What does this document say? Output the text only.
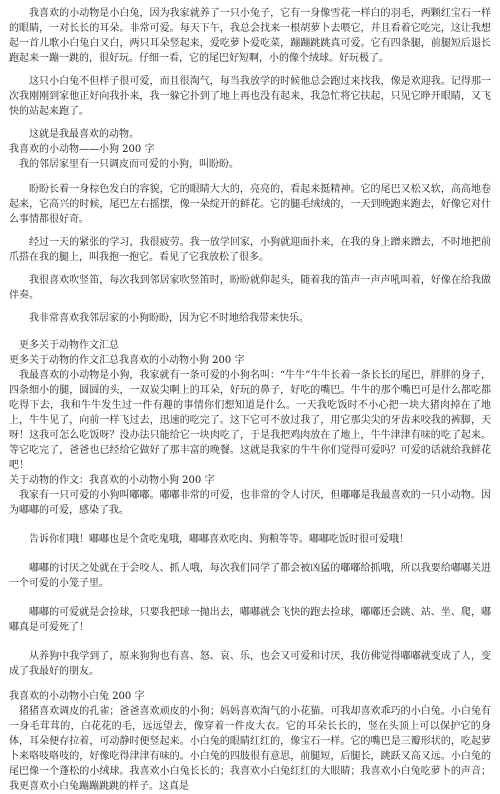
我喜欢的小动物是小白兔，因为我家就养了一只小兔子，它有一身像雪花一样白的羽毛，两颗红宝石一样的眼睛，一对长长的耳朵。非常可爱。每天下午，我总会找来一根胡萝卜去喂它，并且看着它吃完，这让我想起一首儿歌小白兔白又白，两只耳朵竖起来，爱吃萝卜爱吃菜，蹦蹦跳跳真可爱。它有四条腿，前腿短后退长跑起来一蹦一跳的，很好玩。仔细一看，它的尾巴好短啊，小的像个绒球。好玩极了。

这只小白兔不但样子很可爱，而且很淘气，每当我放学的时候他总会跑过来找我，像是欢迎我。记得那一次我刚刚到家他正好向我扑来，我一躲它扑到了地上再也没有起来，我急忙将它扶起，只见它睁开眼睛，又飞快的站起来跑了。

这就是我最喜欢的动物。

我喜欢的小动物——小狗 200 字

我的邻居家里有一只调皮而可爱的小狗，叫盼盼。

盼盼长着一身棕色发白的容貌，它的眼睛大大的，亮亮的，看起来挺精神。它的尾巴又松又软，高高地卷起来，它高兴的时候，尾巴左右摇摆，像一朵绽开的鲜花。它的腿毛绒绒的，一天到晚跑来跑去，好像它对什么事情都很好奇。

经过一天的紧张的学习，我很疲劳。我一放学回家，小狗就迎面扑来，在我的身上蹭来蹭去，不时地把前爪搭在我的腿上，叫我抱一抱它。看见了它我放松了很多。

我很喜欢吹竖笛，每次我到邻居家吹竖笛时，盼盼就仰起头，随着我的笛声一声声吼叫着，好像在给我做伴奏。

我非常喜欢我邻居家的小狗盼盼，因为它不时地给我带来快乐。

更多关于动物作文汇总

更多关于动物的作文汇总我喜欢的小动物小狗 200 字

我最喜欢的小动物是小狗，我家就有一条可爱的小狗名叫：“牛牛”牛牛长着一条长长的尾巴，胖胖的身子，四条细小的腿，圆圆的头，一双炭尖啊上的耳朵，好玩的鼻子，好吃的嘴巴。牛牛的那个嘴巴可是什么都吃都吃得下去，我和牛牛发生过一件有趣的事情你们想知道是什么。一天我吃饭时不小心把一块大猪肉掉在了地上，牛牛见了，向前一样飞过去，迅速的吃完了。这下它可不放过我了，用它那尖尖的牙齿来咬我的裤脚，天呀！这我可怎么吃饭呀？没办法只能给它一块肉吃了，于是我把鸡肉放在了地上，牛牛津津有味的吃了起来。等它吃完了，爸爸也已经给它做好了那丰富的晚餐。这就是我家的牛牛你们觉得可爱吗？可爱的话就给我鲜花吧！

关于动物的作文：我喜欢的小动物小狗 200 字

我家有一只可爱的小狗叫嘟嘟。嘟嘟非常的可爱，也非常的令人讨厌，但嘟嘟是我最喜欢的一只小动物。因为嘟嘟的可爱，感染了我。

告诉你们哦！嘟嘟也是个贪吃鬼哦，嘟嘟喜欢吃肉、狗粮等等。嘟嘟吃饭时很可爱哦！

嘟嘟的讨厌之处就在于会咬人、抓人哦，每次我们同学了都会被凶猛的嘟嘟给抓哦，所以我要给嘟嘟关进一个可爱的小笼子里。

嘟嘟的可爱就是会捡球，只要我把球一抛出去，嘟嘟就会飞快的跑去捡球，嘟嘟还会跳、站、坐、爬，嘟嘟真是可爱死了！

从养狗中我学到了，原来狗狗也有喜、怒、哀、乐，也会又可爱和讨厌，我仿佛觉得嘟嘟就变成了人，变成了我最好的朋友。

我喜欢的小动物小白兔 200 字

猪猪喜欢调皮的孔雀；爸爸喜欢顽皮的小狗；妈妈喜欢淘气的小花猫。可我却喜欢乖巧的小白兔。小白兔有一身毛茸茸的，白花花的毛，远远望去，像穿着一件皮大衣。它的耳朵长长的，竖在头顶上可以保护它的身体，耳朵便存拉着，可动静时便竖起来。小白兔的眼睛红红的，像宝石一样。它的嘴巴是三瓣形状的，吃起萝卜来咯吱咯吱的，好像吃得津津有味的。小白兔的四肢很有意思，前腿短，后腿长，跳跃又高又远。小白兔的尾巴像一个蓬松的小绒球。我喜欢小白兔长长的；我喜欢小白兔红红的大眼睛；我喜欢小白兔吃萝卜的声音；我更喜欢小白兔蹦蹦跳跳的样子。这真是
